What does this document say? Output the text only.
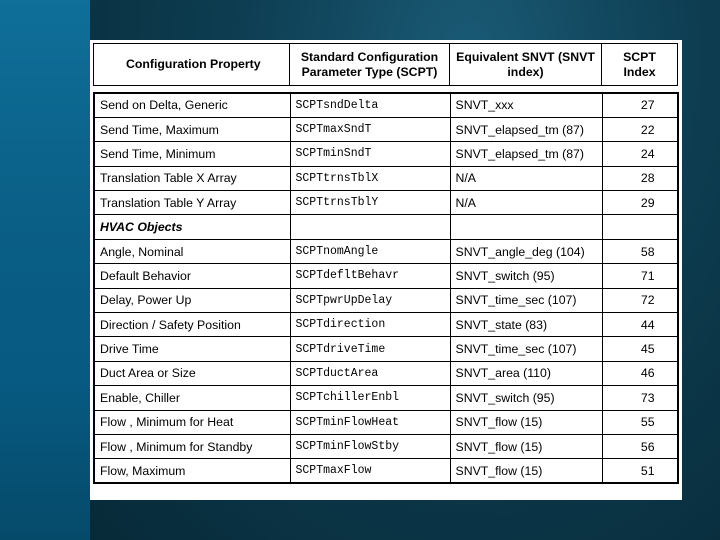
Configuration Property	Standard Configuration Parameter Type (SCPT)	Equivalent SNVT (SNVT index)	SCPT Index
Send on Delta, Generic	SCPTsndDelta	SNVT_xxx	27
Send Time, Maximum	SCPTmaxSndT	SNVT_elapsed_tm (87)	22
Send Time, Minimum	SCPTminSndT	SNVT_elapsed_tm (87)	24
Translation Table X Array	SCPTtrnsTblX	N/A	28
Translation Table Y Array	SCPTtrnsTblY	N/A	29
HVAC Objects			
Angle, Nominal	SCPTnomAngle	SNVT_angle_deg (104)	58
Default Behavior	SCPTdefltBehavr	SNVT_switch (95)	71
Delay, Power Up	SCPTpwrUpDelay	SNVT_time_sec (107)	72
Direction / Safety Position	SCPTdirection	SNVT_state (83)	44
Drive Time	SCPTdriveTime	SNVT_time_sec (107)	45
Duct Area or Size	SCPTductArea	SNVT_area (110)	46
Enable, Chiller	SCPTchillerEnbl	SNVT_switch (95)	73
Flow , Minimum for Heat	SCPTminFlowHeat	SNVT_flow (15)	55
Flow , Minimum for Standby	SCPTminFlowStby	SNVT_flow (15)	56
Flow, Maximum	SCPTmaxFlow	SNVT_flow (15)	51
